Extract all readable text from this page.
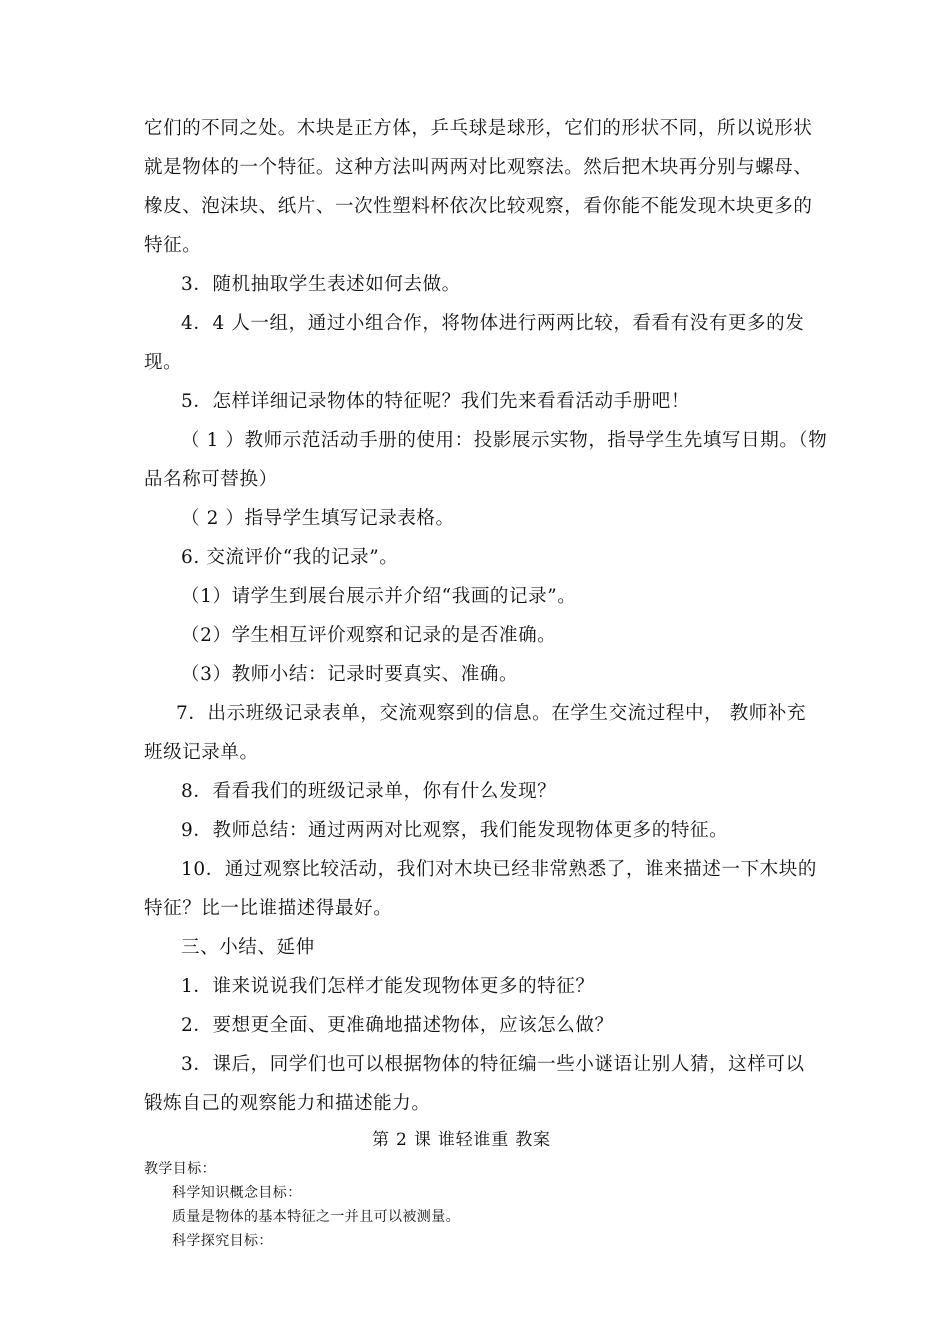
它们的不同之处。木块是正方体，乒乓球是球形，它们的形状不同，所以说形状
就是物体的一个特征。这种方法叫两两对比观察法。然后把木块再分别与螺母、
橡皮、泡沫块、纸片、一次性塑料杯依次比较观察，看你能不能发现木块更多的
特征。
3．随机抽取学生表述如何去做。
4．4 人一组，通过小组合作，将物体进行两两比较，看看有没有更多的发
现。
5．怎样详细记录物体的特征呢？我们先来看看活动手册吧！
（ 1 ）教师示范活动手册的使用：投影展示实物，指导学生先填写日期。（物
品名称可替换）
（ 2 ）指导学生填写记录表格。
6. 交流评价“我的记录”。
（1）请学生到展台展示并介绍“我画的记录”。
（2）学生相互评价观察和记录的是否准确。
（3）教师小结：记录时要真实、准确。
7．出示班级记录表单，交流观察到的信息。在学生交流过程中， 教师补充
班级记录单。
8．看看我们的班级记录单，你有什么发现？
9．教师总结：通过两两对比观察，我们能发现物体更多的特征。
10．通过观察比较活动，我们对木块已经非常熟悉了，谁来描述一下木块的
特征？比一比谁描述得最好。
三、小结、延伸
1．谁来说说我们怎样才能发现物体更多的特征？
2．要想更全面、更准确地描述物体，应该怎么做？
3．课后，同学们也可以根据物体的特征编一些小谜语让别人猜，这样可以
锻炼自己的观察能力和描述能力。
第 2 课 谁轻谁重 教案
教学目标：
科学知识概念目标：
质量是物体的基本特征之一并且可以被测量。
科学探究目标：
